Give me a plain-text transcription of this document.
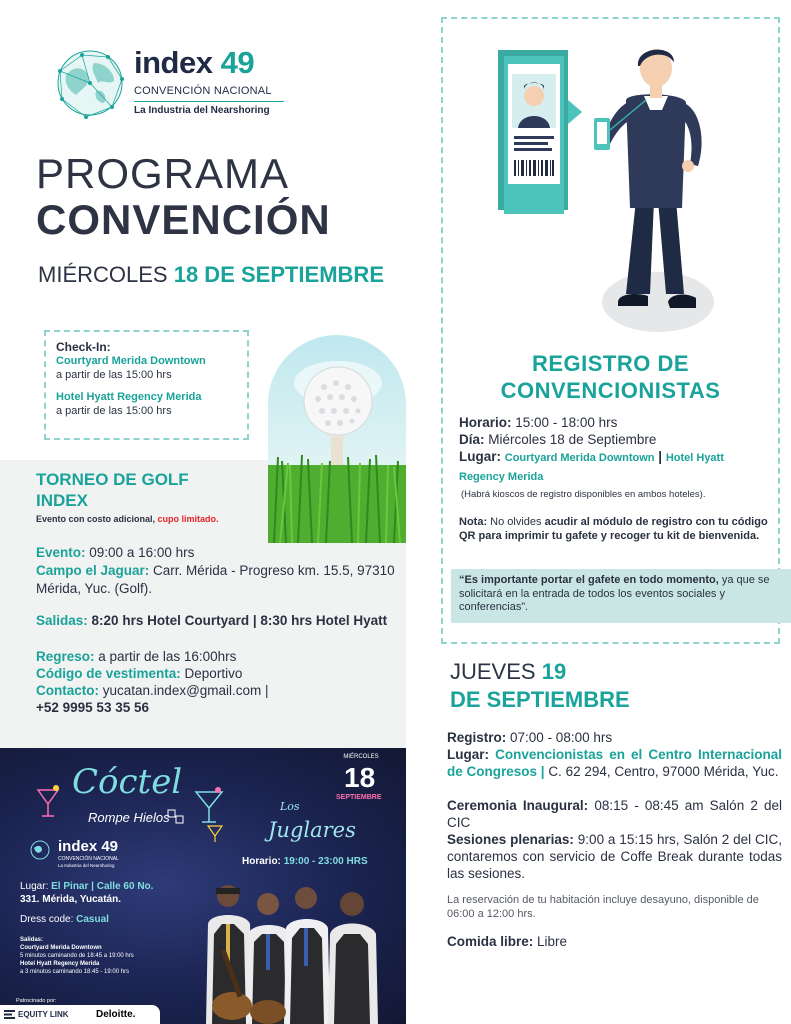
index 49
CONVENCIÓN NACIONAL
La Industria del Nearshoring
PROGRAMA
CONVENCIÓN
MIÉRCOLES 18 DE SEPTIEMBRE
Check-In:
Courtyard Merida Downtown
a partir de las 15:00 hrs
Hotel Hyatt Regency Merida
a partir de las 15:00 hrs
TORNEO DE GOLF
INDEX
Evento con costo adicional, cupo limitado.
Evento: 09:00 a 16:00 hrs
Campo el Jaguar: Carr. Mérida - Progreso km. 15.5, 97310 Mérida, Yuc. (Golf).
Salidas: 8:20 hrs Hotel Courtyard | 8:30 hrs Hotel Hyatt
Regreso: a partir de las 16:00hrs
Código de vestimenta: Deportivo
Contacto: yucatan.index@gmail.com |
+52 9995 53 35 56
Cóctel
Rompe Hielos
MIÉRCOLES
18
SEPTIEMBRE
Los
Juglares
index 49
CONVENCIÓN NACIONAL
La Industria del Nearshoring	Horario: 19:00 - 23:00 HRS
Lugar: El Pinar | Calle 60 No.
331. Mérida, Yucatán.
Dress code: Casual
Salidas:
Courtyard Merida Downtown
5 minutos caminando de 18:45 a 19:00 hrs
Hotel Hyatt Regency Merida
a 3 minutos caminando 18:45 - 19:00 hrs
Patrocinado por:
EQUITY LINK	Deloitte.
REGISTRO DE
CONVENCIONISTAS
Horario: 15:00 - 18:00 hrs
Día: Miércoles 18 de Septiembre
Lugar: Courtyard Merida Downtown | Hotel Hyatt Regency Merida
(Habrá kioscos de registro disponibles en ambos hoteles).
Nota: No olvides acudir al módulo de registro con tu código QR para imprimir tu gafete y recoger tu kit de bienvenida.
“Es importante portar el gafete en todo momento, ya que se solicitará en la entrada de todos los eventos sociales y conferencias”.
JUEVES 19
DE SEPTIEMBRE
Registro: 07:00 - 08:00 hrs
Lugar: Convencionistas en el Centro Internacional de Congresos | C. 62 294, Centro, 97000 Mérida, Yuc.
Ceremonia Inaugural: 08:15 - 08:45 am Salón 2 del CIC
Sesiones plenarias: 9:00 a 15:15 hrs, Salón 2 del CIC, contaremos con servicio de Coffe Break durante todas las sesiones.
La reservación de tu habitación incluye desayuno, disponible de 06:00 a 12:00 hrs.
Comida libre: Libre
